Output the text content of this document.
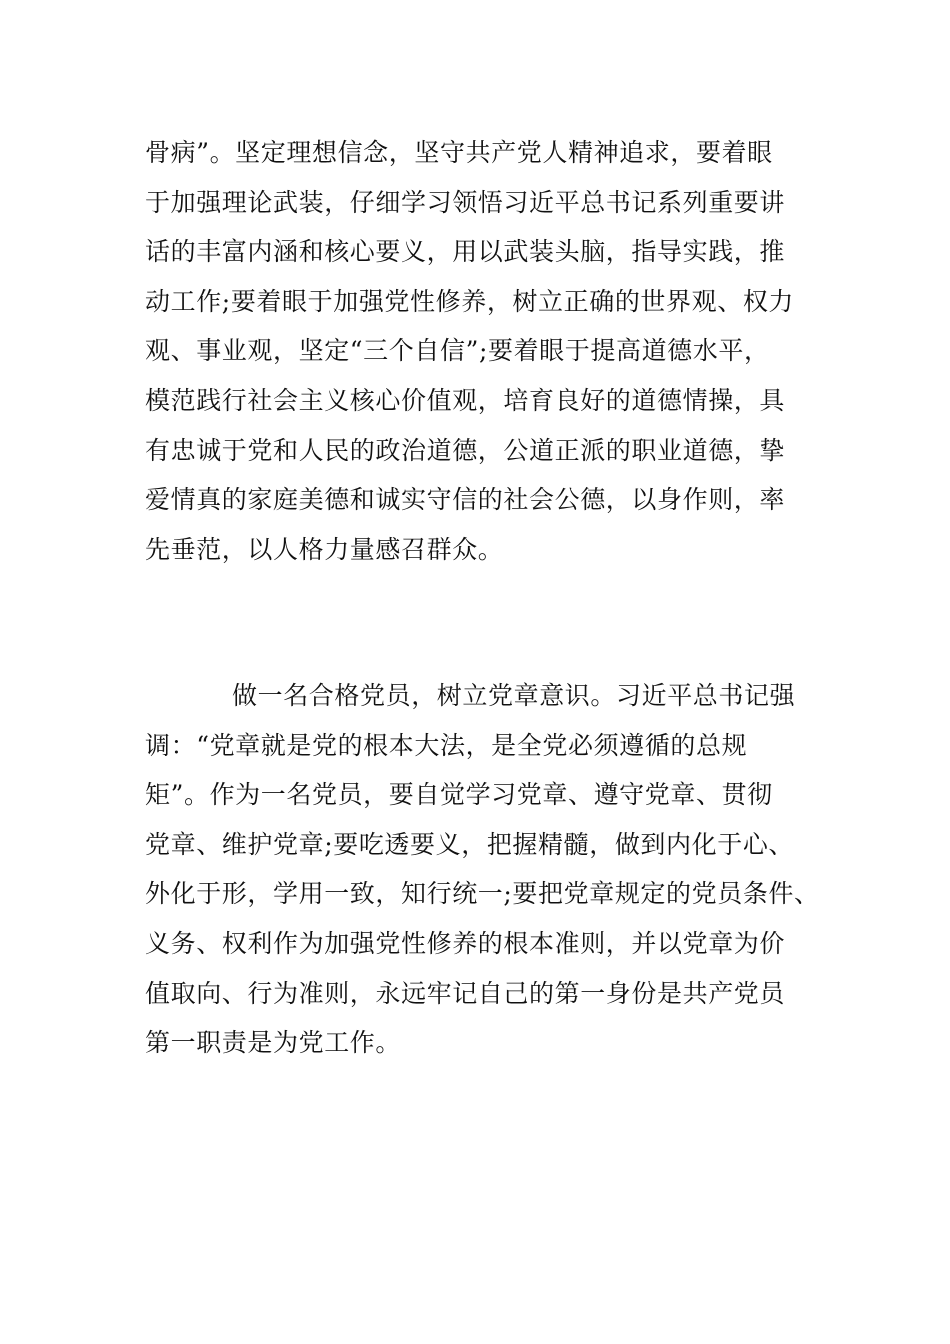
骨病”。坚定理想信念，坚守共产党人精神追求，要着眼
于加强理论武装，仔细学习领悟习近平总书记系列重要讲
话的丰富内涵和核心要义，用以武装头脑，指导实践，推
动工作;要着眼于加强党性修养，树立正确的世界观、权力
观、事业观，坚定“三个自信”;要着眼于提高道德水平，
模范践行社会主义核心价值观，培育良好的道德情操，具
有忠诚于党和人民的政治道德，公道正派的职业道德，挚
爱情真的家庭美德和诚实守信的社会公德，以身作则，率
先垂范，以人格力量感召群众。
做一名合格党员，树立党章意识。习近平总书记强
调：“党章就是党的根本大法，是全党必须遵循的总规
矩”。作为一名党员，要自觉学习党章、遵守党章、贯彻
党章、维护党章;要吃透要义，把握精髓，做到内化于心、
外化于形，学用一致，知行统一;要把党章规定的党员条件、
义务、权利作为加强党性修养的根本准则，并以党章为价
值取向、行为准则，永远牢记自己的第一身份是共产党员
第一职责是为党工作。
